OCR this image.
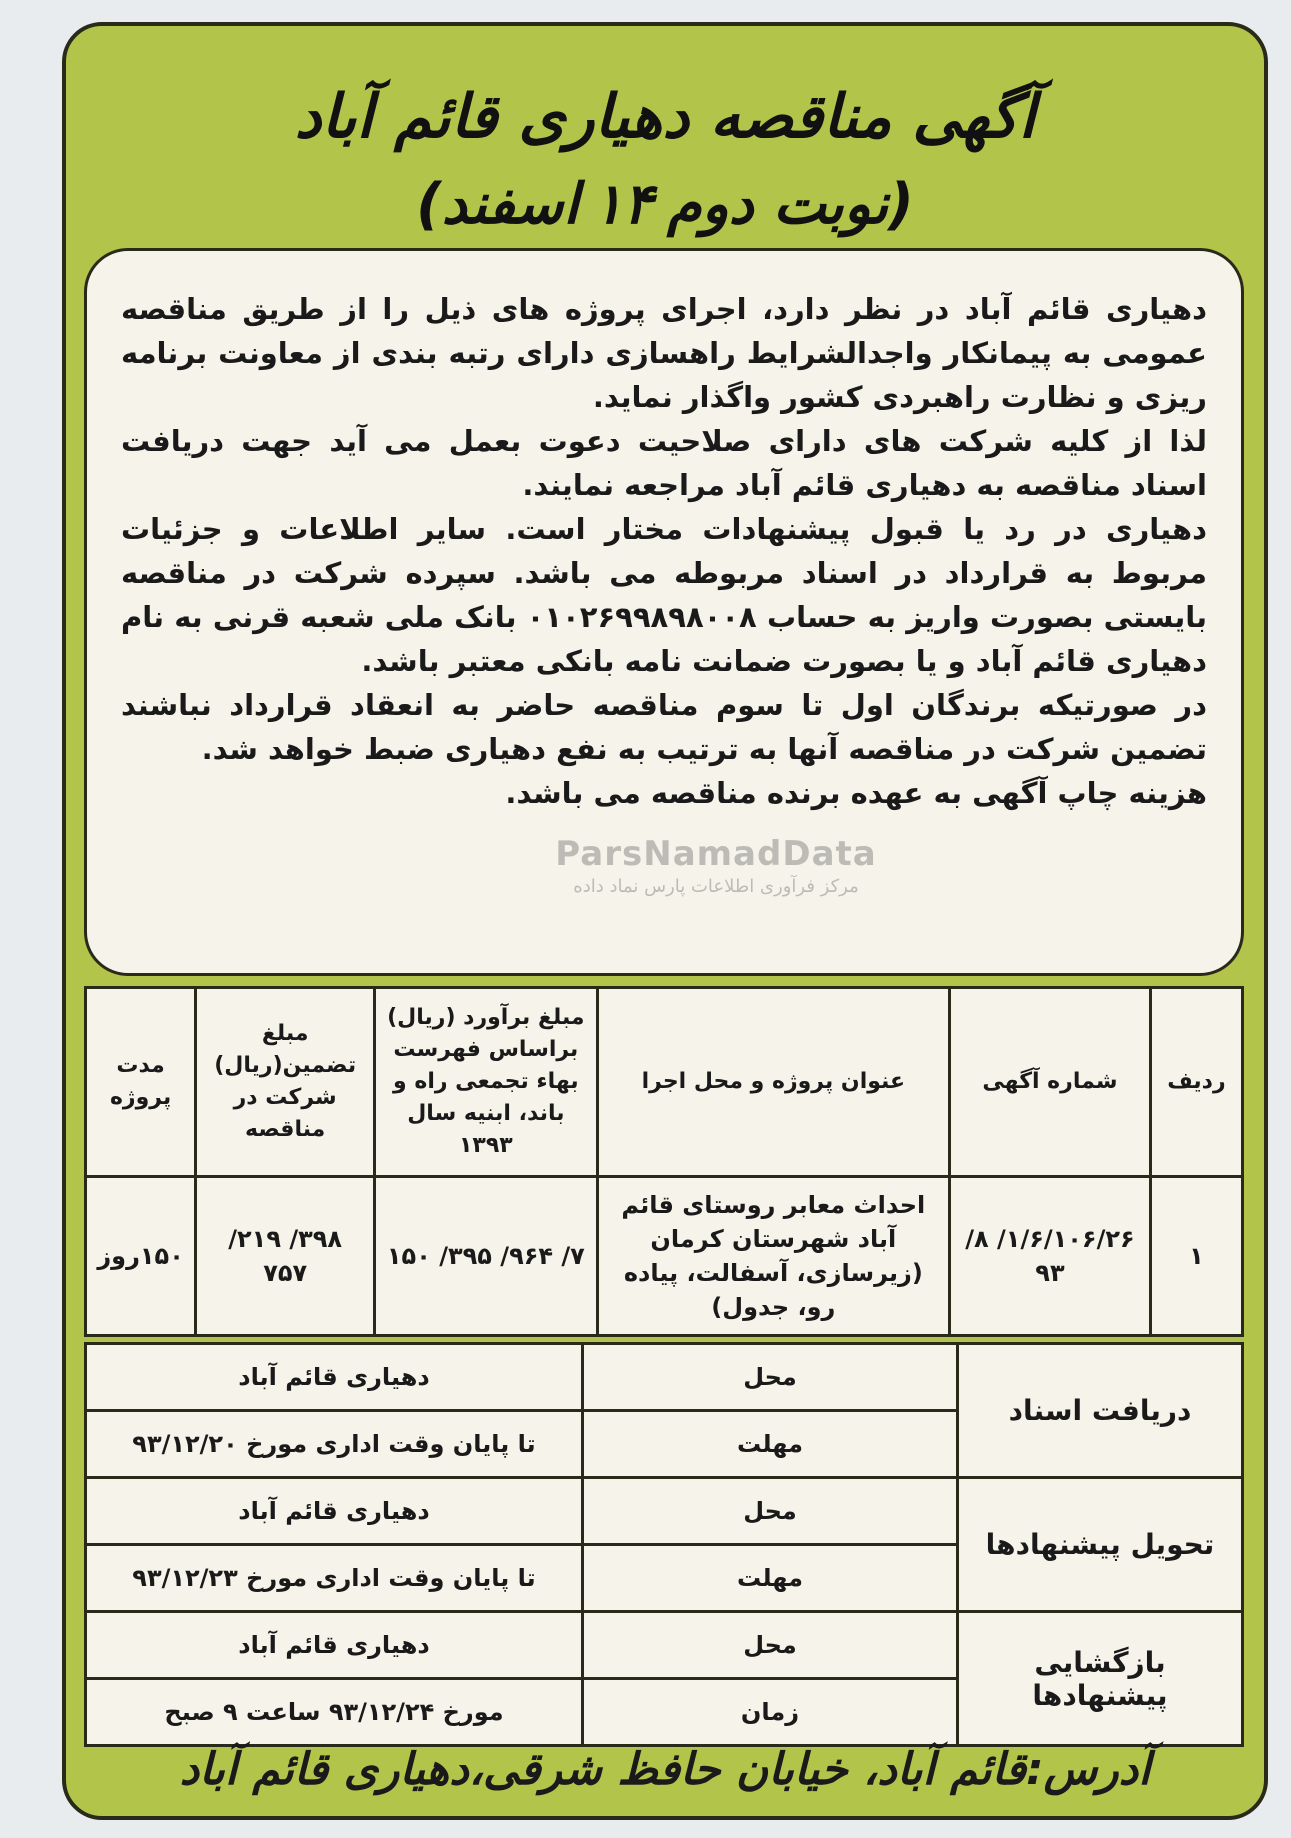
آگهی مناقصه دهیاری قائم آباد
(نوبت دوم۱۴اسفند)

دهیاری قائم آباد در نظر دارد، اجرای پروژه های ذیل را از طریق مناقصه عمومی به پیمانکار واجدالشرایط راهسازی دارای رتبه بندی از معاونت برنامه ریزی و نظارت راهبردی کشور واگذار نماید.

لذا از کلیه شرکت های دارای صلاحیت دعوت بعمل می آید جهت دریافت اسناد مناقصه به دهیاری قائم آباد مراجعه نمایند.

دهیاری در رد یا قبول پیشنهادات مختار است. سایر اطلاعات و جزئیات مربوط به قرارداد در اسناد مربوطه می باشد. سپرده شرکت در مناقصه بایستی بصورت واریز به حساب ۰۱۰۲۶۹۹۸۹۸۰۰۸ بانک ملی شعبه قرنی به نام دهیاری قائم آباد و یا بصورت ضمانت نامه بانکی معتبر باشد.

در صورتیکه برندگان اول تا سوم مناقصه حاضر به انعقاد قرارداد نباشند تضمین شرکت در مناقصه آنها به ترتیب به نفع دهیاری ضبط خواهد شد.

هزینه چاپ آگهی به عهده برنده مناقصه می باشد.

ردیف	شماره آگهی	عنوان پروژه و محل اجرا	مبلغ برآورد (ریال) براساس فهرست بهاء تجمعی راه و باند، ابنیه سال ۱۳۹۳	مبلغ تضمین(ریال) شرکت در مناقصه	مدت پروژه
۱	۱/۶/۱۰۶/۲۶/ ۸/ ۹۳	احداث معابر روستای قائم آباد شهرستان کرمان (زیرسازی، آسفالت، پیاده رو، جدول)	۷/ ۹۶۴/ ۳۹۵/ ۱۵۰	۳۹۸/ ۲۱۹/ ۷۵۷	۱۵۰روز
دریافت اسناد	محل	دهیاری قائم آباد
	مهلت	تا پایان وقت اداری مورخ ۹۳/۱۲/۲۰
تحویل پیشنهادها	محل	دهیاری قائم آباد
	مهلت	تا پایان وقت اداری مورخ ۹۳/۱۲/۲۳
بازگشایی پیشنهادها	محل	دهیاری قائم آباد
	زمان	مورخ ۹۳/۱۲/۲۴ ساعت ۹ صبح
آدرس:قائم آباد، خیابان حافظ شرقی،دهیاری قائم آباد
ParsNamadData
مرکز فرآوری اطلاعات پارس نماد داده
